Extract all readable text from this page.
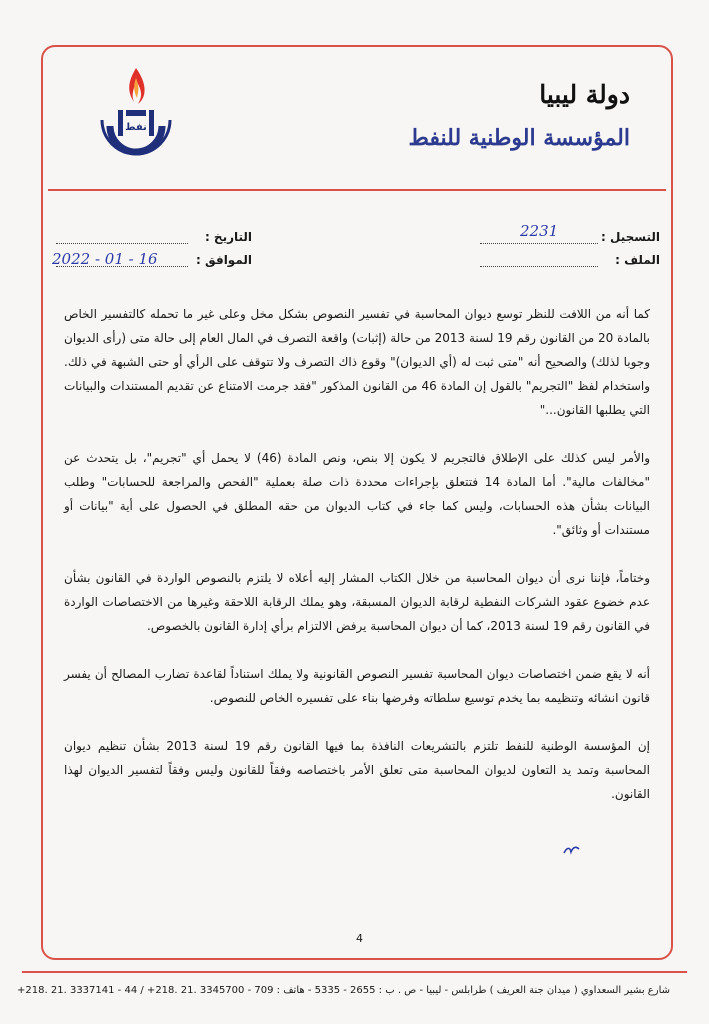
نفط
دولة ليبيا
المؤسسة الوطنية للنفط
التسجيل :
2231
الملف :
التاريخ :
الموافق :
2022 - 01 - 16

كما أنه من اللافت للنظر توسع ديوان المحاسبة في تفسير النصوص بشكل مخل وعلى غير ما تحمله كالتفسير الخاص بالمادة 20 من القانون رقم 19 لسنة 2013 من حالة (إثبات) واقعة التصرف في المال العام إلى حالة متى (رأى الديوان وجوبا لذلك) والصحيح أنه "متى ثبت له (أي الديوان)" وقوع ذاك التصرف ولا تتوقف على الرأي أو حتى الشبهة في ذلك. واستخدام لفظ "التجريم" بالقول إن المادة 46 من القانون المذكور "فقد جرمت الامتناع عن تقديم المستندات والبيانات التي يطلبها القانون..."

والأمر ليس كذلك على الإطلاق فالتجريم لا يكون إلا بنص، ونص المادة (46) لا يحمل أي "تجريم"، بل يتحدث عن "مخالفات مالية". أما المادة 14 فتتعلق بإجراءات محددة ذات صلة بعملية "الفحص والمراجعة للحسابات" وطلب البيانات بشأن هذه الحسابات، وليس كما جاء في كتاب الديوان من حقه المطلق في الحصول على أية "بيانات أو مستندات أو وثائق".

وختاماً، فإننا نرى أن ديوان المحاسبة من خلال الكتاب المشار إليه أعلاه لا يلتزم بالنصوص الواردة في القانون بشأن عدم خضوع عقود الشركات النفطية لرقابة الديوان المسبقة، وهو يملك الرقابة اللاحقة وغيرها من الاختصاصات الواردة في القانون رقم 19 لسنة 2013، كما أن ديوان المحاسبة يرفض الالتزام برأي إدارة القانون بالخصوص.

أنه لا يقع ضمن اختصاصات ديوان المحاسبة تفسير النصوص القانونية ولا يملك استناداً لقاعدة تضارب المصالح أن يفسر قانون انشائه وتنظيمه بما يخدم توسيع سلطاته وفرضها بناء على تفسيره الخاص للنصوص.

إن المؤسسة الوطنية للنفط تلتزم بالتشريعات النافذة بما فيها القانون رقم 19 لسنة 2013 بشأن تنظيم ديوان المحاسبة وتمد يد التعاون لديوان المحاسبة متى تعلق الأمر باختصاصه وفقاً للقانون وليس وفقاً لتفسير الديوان لهذا القانون.

4
شارع بشير السعداوي ( ميدان جنة العريف ) طرابلس - ليبيا - ص . ب : 2655 - 5335 - هاتف : 709 - 3345700 .21 .218+ / 44 - 3337141 .21 .218+
